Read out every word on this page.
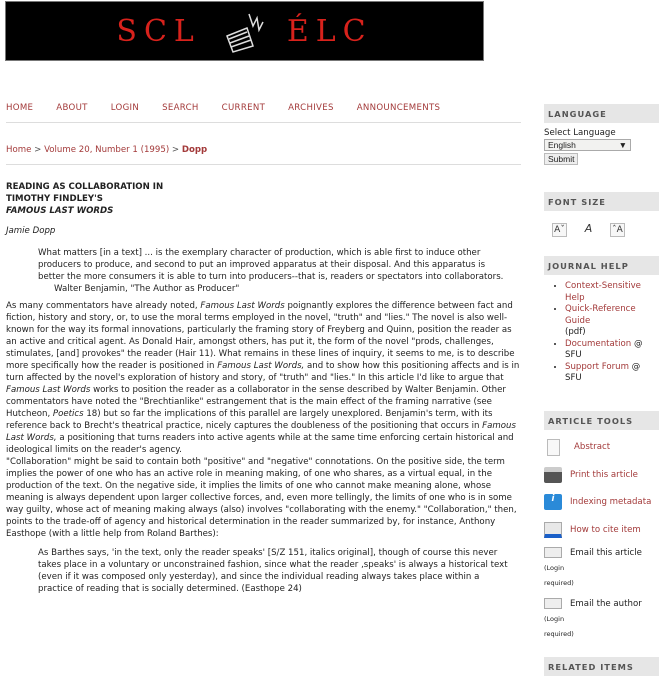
SCL	ÉLC
HOME	ABOUT	LOGIN	SEARCH	CURRENT	ARCHIVES	ANNOUNCEMENTS
Home > Volume 20, Number 1 (1995) > Dopp
READING AS COLLABORATION IN
TIMOTHY FINDLEY'S
FAMOUS LAST WORDS
Jamie Dopp
What matters [in a text] ... is the exemplary character of production, which is able first to induce other producers to produce, and second to put an improved apparatus at their disposal. And this apparatus is better the more consumers it is able to turn into producers--that is, readers or spectators into collaborators.
Walter Benjamin, "The Author as Producer"
As many commentators have already noted, Famous Last Words poignantly explores the difference between fact and fiction, history and story, or, to use the moral terms employed in the novel, "truth" and "lies." The novel is also well-known for the way its formal innovations, particularly the framing story of Freyberg and Quinn, position the reader as an active and critical agent. As Donald Hair, amongst others, has put it, the form of the novel "prods, challenges, stimulates, [and] provokes" the reader (Hair 11). What remains in these lines of inquiry, it seems to me, is to describe more specifically how the reader is positioned in Famous Last Words, and to show how this positioning affects and is in turn affected by the novel's exploration of history and story, of "truth" and "lies." In this article I'd like to argue that Famous Last Words works to position the reader as a collaborator in the sense described by Walter Benjamin. Other commentators have noted the "Brechtianlike" estrangement that is the main effect of the framing narrative (see Hutcheon, Poetics 18) but so far the implications of this parallel are largely unexplored. Benjamin's term, with its reference back to Brecht's theatrical practice, nicely captures the doubleness of the positioning that occurs in Famous Last Words, a positioning that turns readers into active agents while at the same time enforcing certain historical and ideological limits on the reader's agency.
"Collaboration" might be said to contain both "positive" and "negative" connotations. On the positive side, the term implies the power of one who has an active role in meaning making, of one who shares, as a virtual equal, in the production of the text. On the negative side, it implies the limits of one who cannot make meaning alone, whose meaning is always dependent upon larger collective forces, and, even more tellingly, the limits of one who is in some way guilty, whose act of meaning making always (also) involves "collaborating with the enemy." "Collaboration," then, points to the trade-off of agency and historical determination in the reader summarized by, for instance, Anthony Easthope (with a little help from Roland Barthes):
As Barthes says, 'in the text, only the reader speaks' [S/Z 151, italics original], though of course this never takes place in a voluntary or unconstrained fashion, since what the reader ‚speaks' is always a historical text (even if it was composed only yesterday), and since the individual reading always takes place within a practice of reading that is socially determined. (Easthope 24)
LANGUAGE
Select Language
English	▼
Submit
FONT SIZE
Aˇ	A	ˆA
JOURNAL HELP
• Context-Sensitive Help
• Quick-Reference Guide
(pdf)
• Documentation @ SFU
• Support Forum @ SFU
ARTICLE TOOLS
Abstract
Print this article
i	Indexing metadata
How to cite item
Email this article (Login
required)
Email the author (Login
required)
RELATED ITEMS
